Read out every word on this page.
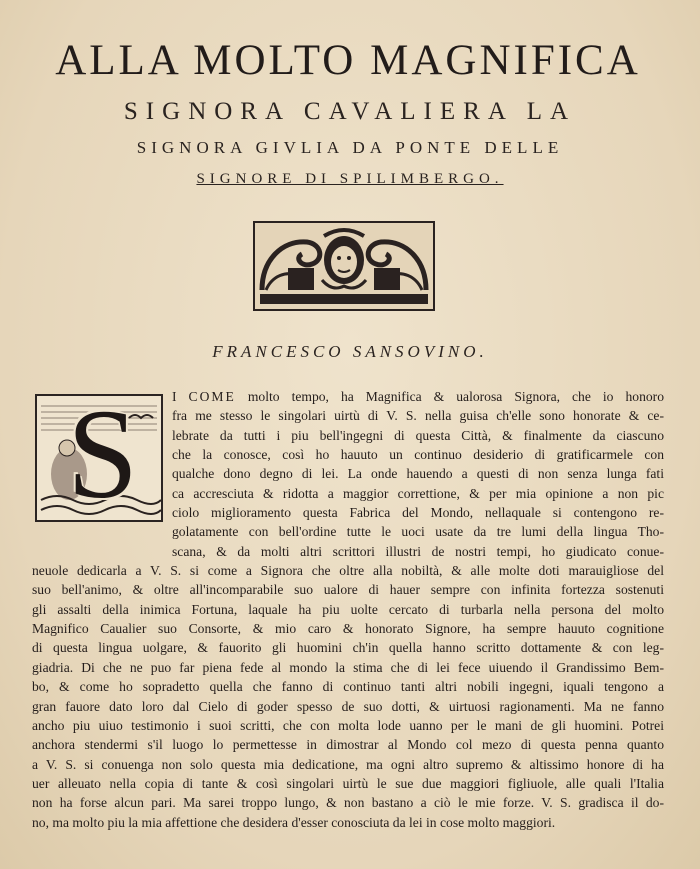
ALLA MOLTO MAGNIFICA
SIGNORA CAVALIERA LA
SIGNORA GIVLIA DA PONTE DELLE
SIGNORE DI SPILIMBERGO.
FRANCESCO SANSOVINO.
S	I COME molto tempo, ha Magnifica & ualorosa Signora, che io honoro
fra me stesso le singolari uirtù di V. S. nella guisa ch'elle sono honorate & ce-
lebrate da tutti i piu bell'ingegni di questa Città, & finalmente da ciascuno
che la conosce, così ho hauuto un continuo desiderio di gratificarmele con
qualche dono degno di lei. La onde hauendo a questi di non senza lunga fati
ca accresciuta & ridotta a maggior correttione, & per mia opinione a non pic
ciolo miglioramento questa Fabrica del Mondo, nellaquale si contengono re-
golatamente con bell'ordine tutte le uoci usate da tre lumi della lingua Tho-
scana, & da molti altri scrittori illustri de nostri tempi, ho giudicato conue-
neuole dedicarla a V. S. si come a Signora che oltre alla nobiltà, & alle molte doti marauigliose del
suo bell'animo, & oltre all'incomparabile suo ualore di hauer sempre con infinita fortezza sostenuti
gli assalti della inimica Fortuna, laquale ha piu uolte cercato di turbarla nella persona del molto
Magnifico Caualier suo Consorte, & mio caro & honorato Signore, ha sempre hauuto cognitione
di questa lingua uolgare, & fauorito gli huomini ch'in quella hanno scritto dottamente & con leg-
giadria. Di che ne puo far piena fede al mondo la stima che di lei fece uiuendo il Grandissimo Bem-
bo, & come ho sopradetto quella che fanno di continuo tanti altri nobili ingegni, iquali tengono a
gran fauore dato loro dal Cielo di goder spesso de suo dotti, & uirtuosi ragionamenti. Ma ne fanno
ancho piu uiuo testimonio i suoi scritti, che con molta lode uanno per le mani de gli huomini. Potrei
anchora stendermi s'il luogo lo permettesse in dimostrar al Mondo col mezo di questa penna quanto
a V. S. si conuenga non solo questa mia dedicatione, ma ogni altro supremo & altissimo honore di ha
uer alleuato nella copia di tante & così singolari uirtù le sue due maggiori figliuole, alle quali l'Italia
non ha forse alcun pari. Ma sarei troppo lungo, & non bastano a ciò le mie forze. V. S. gradisca il do-
no, ma molto piu la mia affettione che desidera d'esser conosciuta da lei in cose molto maggiori.
